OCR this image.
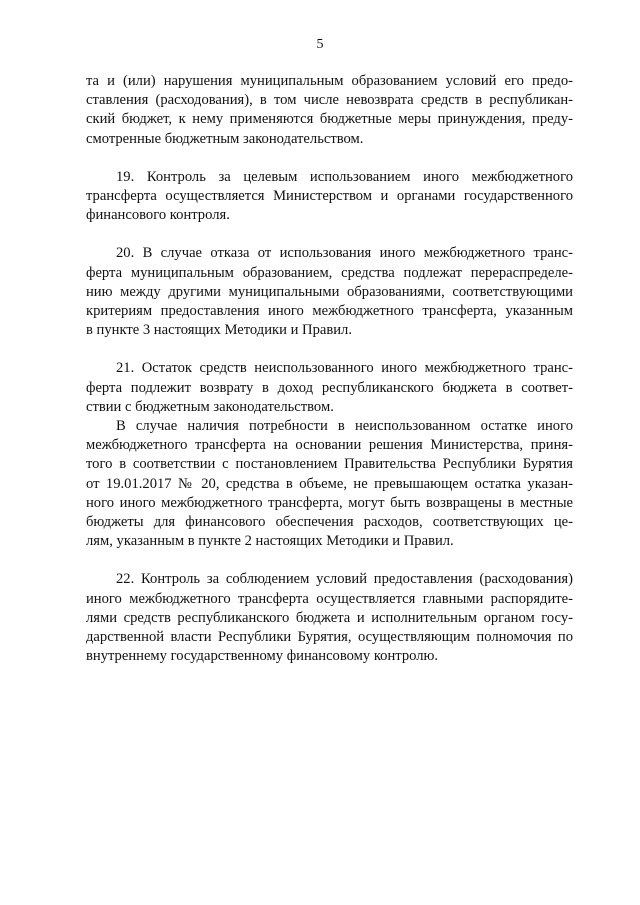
5

та и (или) нарушения муниципальным образованием условий его предо-
ставления (расходования), в том числе невозврата средств в республикан-
ский бюджет, к нему применяются бюджетные меры принуждения, преду-
смотренные бюджетным законодательством.

19. Контроль за целевым использованием иного межбюджетного
трансферта осуществляется Министерством и органами государственного
финансового контроля.

20. В случае отказа от использования иного межбюджетного транс-
ферта муниципальным образованием, средства подлежат перераспределе-
нию между другими муниципальными образованиями, соответствующими
критериям предоставления иного межбюджетного трансферта, указанным
в пункте 3 настоящих Методики и Правил.

21. Остаток средств неиспользованного иного межбюджетного транс-
ферта подлежит возврату в доход республиканского бюджета в соответ-
ствии с бюджетным законодательством.

В случае наличия потребности в неиспользованном остатке иного
межбюджетного трансферта на основании решения Министерства, приня-
того в соответствии с постановлением Правительства Республики Бурятия
от 19.01.2017 № 20, средства в объеме, не превышающем остатка указан-
ного иного межбюджетного трансферта, могут быть возвращены в местные
бюджеты для финансового обеспечения расходов, соответствующих це-
лям, указанным в пункте 2 настоящих Методики и Правил.

22. Контроль за соблюдением условий предоставления (расходования)
иного межбюджетного трансферта осуществляется главными распорядите-
лями средств республиканского бюджета и исполнительным органом госу-
дарственной власти Республики Бурятия, осуществляющим полномочия по
внутреннему государственному финансовому контролю.
